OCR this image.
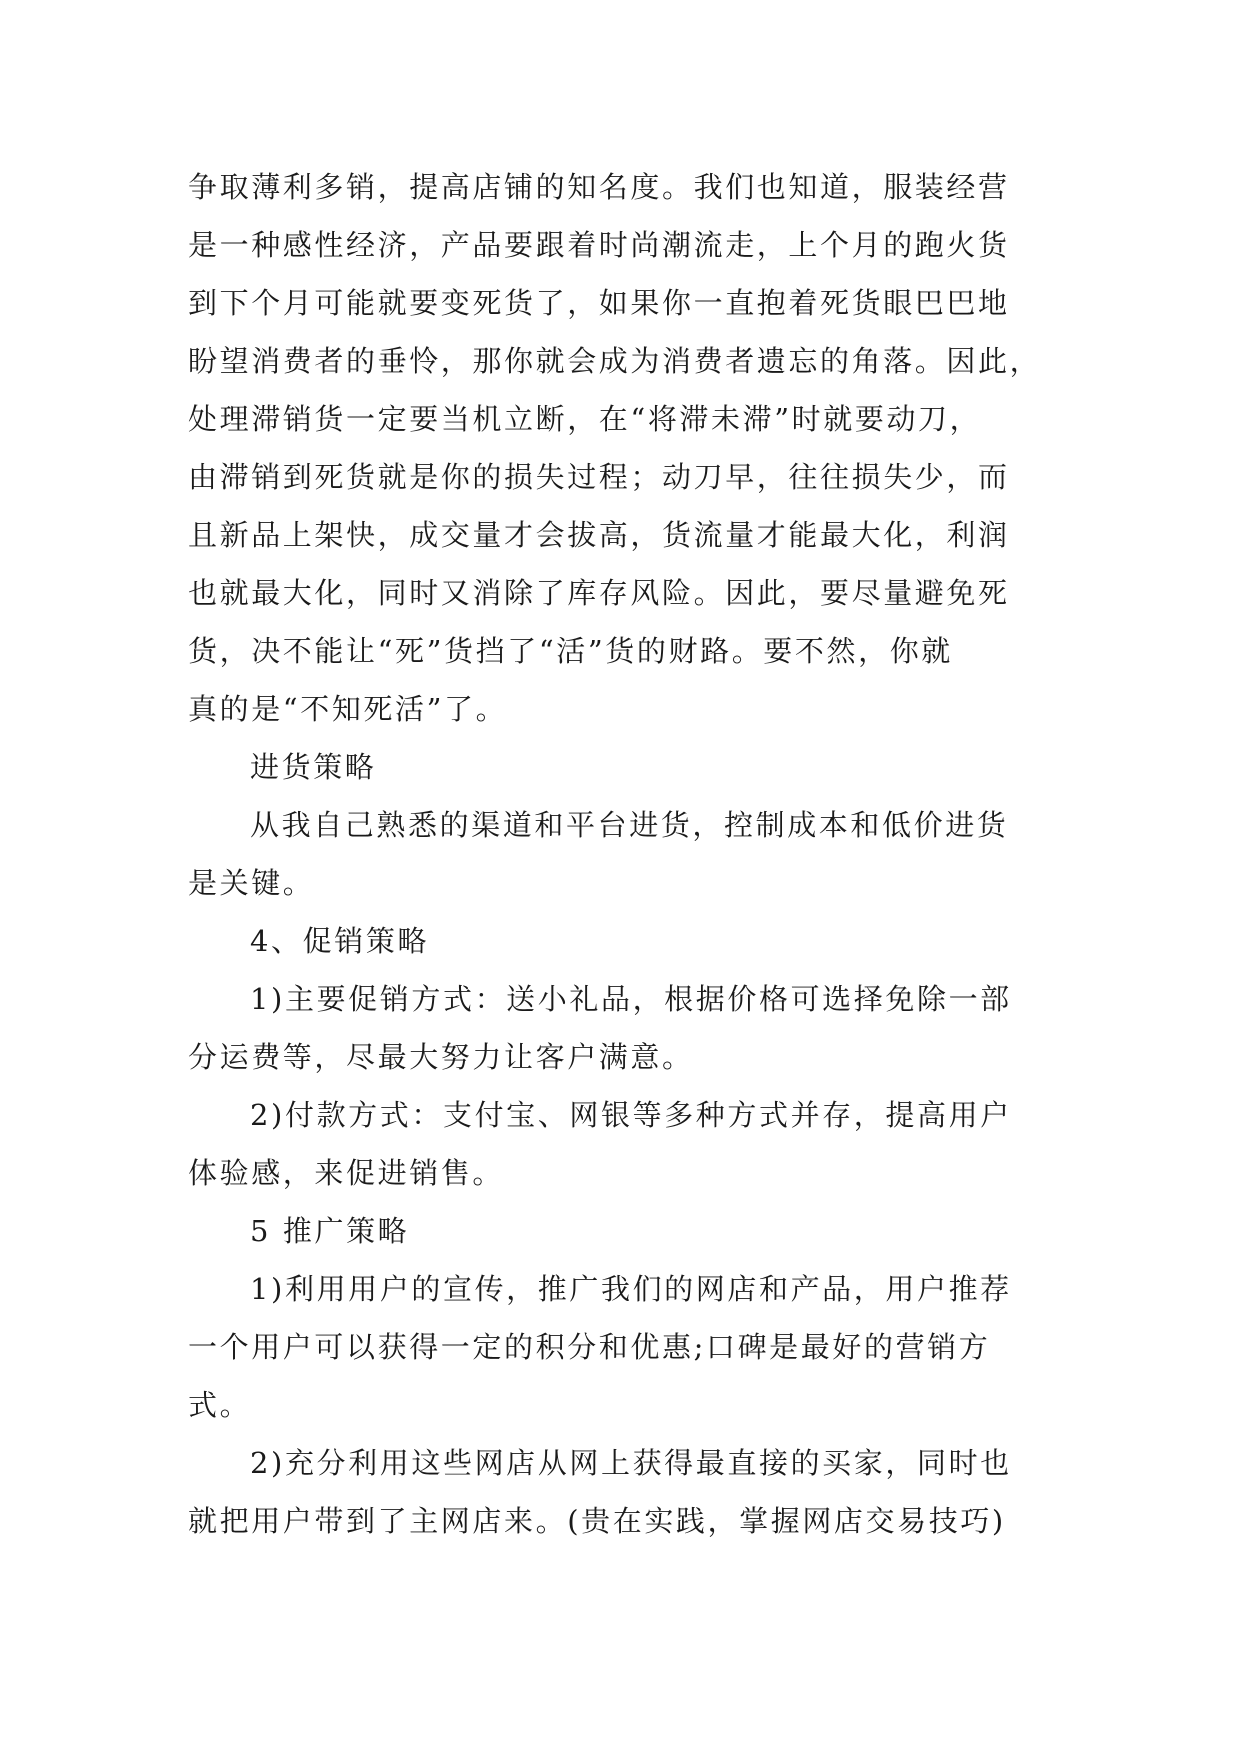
争取薄利多销，提高店铺的知名度。我们也知道，服装经营
是一种感性经济，产品要跟着时尚潮流走，上个月的跑火货
到下个月可能就要变死货了，如果你一直抱着死货眼巴巴地
盼望消费者的垂怜，那你就会成为消费者遗忘的角落。因此，
处理滞销货一定要当机立断，在“将滞未滞”时就要动刀，
由滞销到死货就是你的损失过程；动刀早，往往损失少，而
且新品上架快，成交量才会拔高，货流量才能最大化，利润
也就最大化，同时又消除了库存风险。因此，要尽量避免死
货，决不能让“死”货挡了“活”货的财路。要不然，你就
真的是“不知死活”了。
进货策略
从我自己熟悉的渠道和平台进货，控制成本和低价进货
是关键。
4、促销策略
1)主要促销方式：送小礼品，根据价格可选择免除一部
分运费等，尽最大努力让客户满意。
2)付款方式：支付宝、网银等多种方式并存，提高用户
体验感，来促进销售。
5 推广策略
1)利用用户的宣传，推广我们的网店和产品，用户推荐
一个用户可以获得一定的积分和优惠;口碑是最好的营销方
式。
2)充分利用这些网店从网上获得最直接的买家，同时也
就把用户带到了主网店来。(贵在实践，掌握网店交易技巧)
